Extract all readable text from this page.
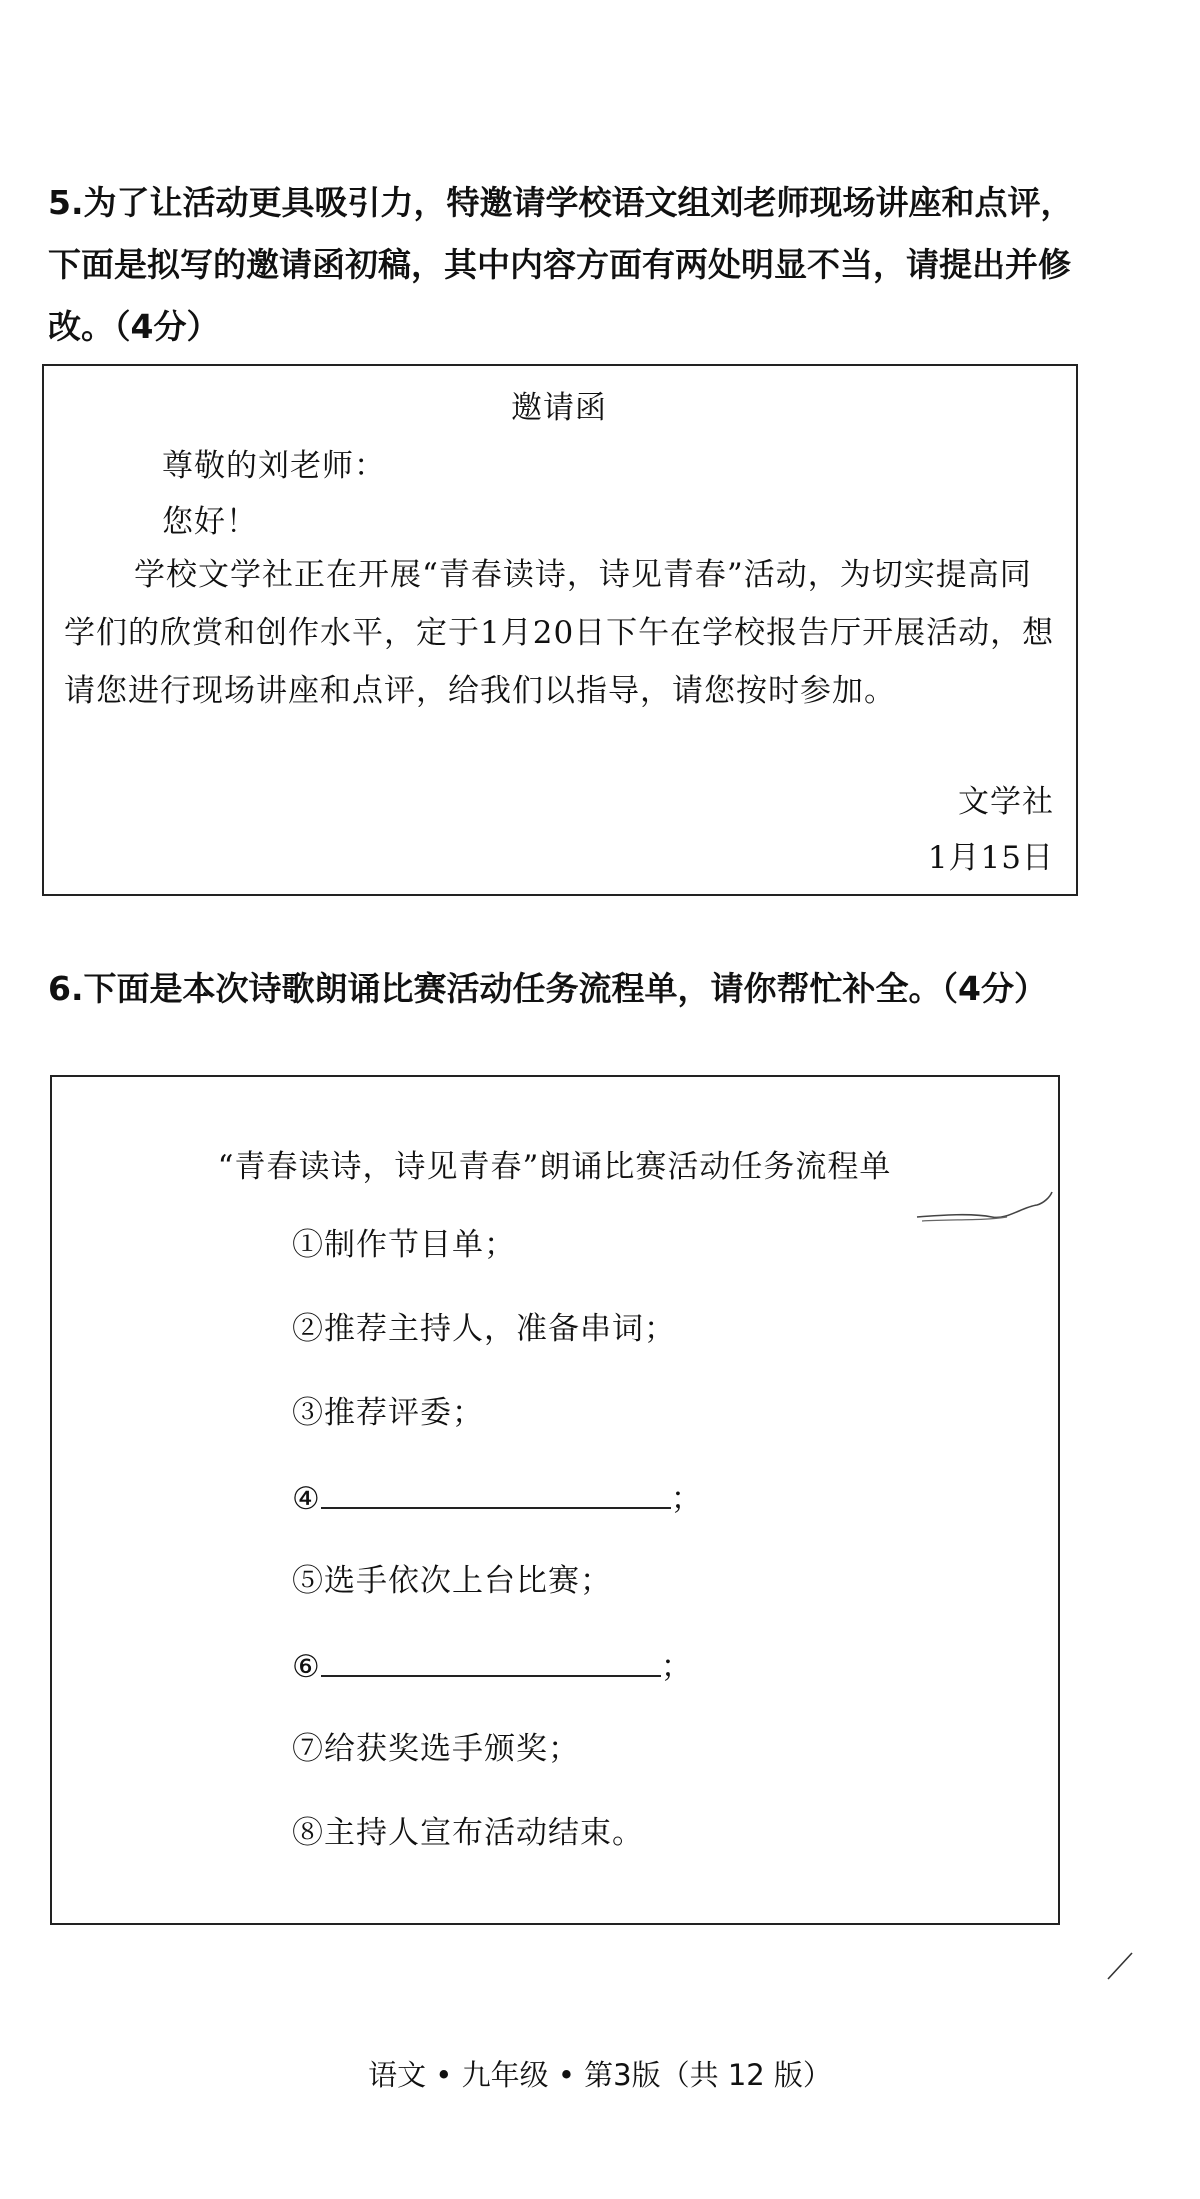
5.为了让活动更具吸引力，特邀请学校语文组刘老师现场讲座和点评，下面是拟写的邀请函初稿，其中内容方面有两处明显不当，请提出并修改。（4分）
邀请函
尊敬的刘老师：
您好！
学校文学社正在开展“青春读诗，诗见青春”活动，为切实提高同学们的欣赏和创作水平，定于1月20日下午在学校报告厅开展活动，想请您进行现场讲座和点评，给我们以指导，请您按时参加。
文学社
1月15日
6.下面是本次诗歌朗诵比赛活动任务流程单，请你帮忙补全。（4分）
“青春读诗，诗见青春”朗诵比赛活动任务流程单
①制作节目单；
②推荐主持人，准备串词；
③推荐评委；
④	；
⑤选手依次上台比赛；
⑥	；
⑦给获奖选手颁奖；
⑧主持人宣布活动结束。
语文 • 九年级 • 第3版（共 12 版）
